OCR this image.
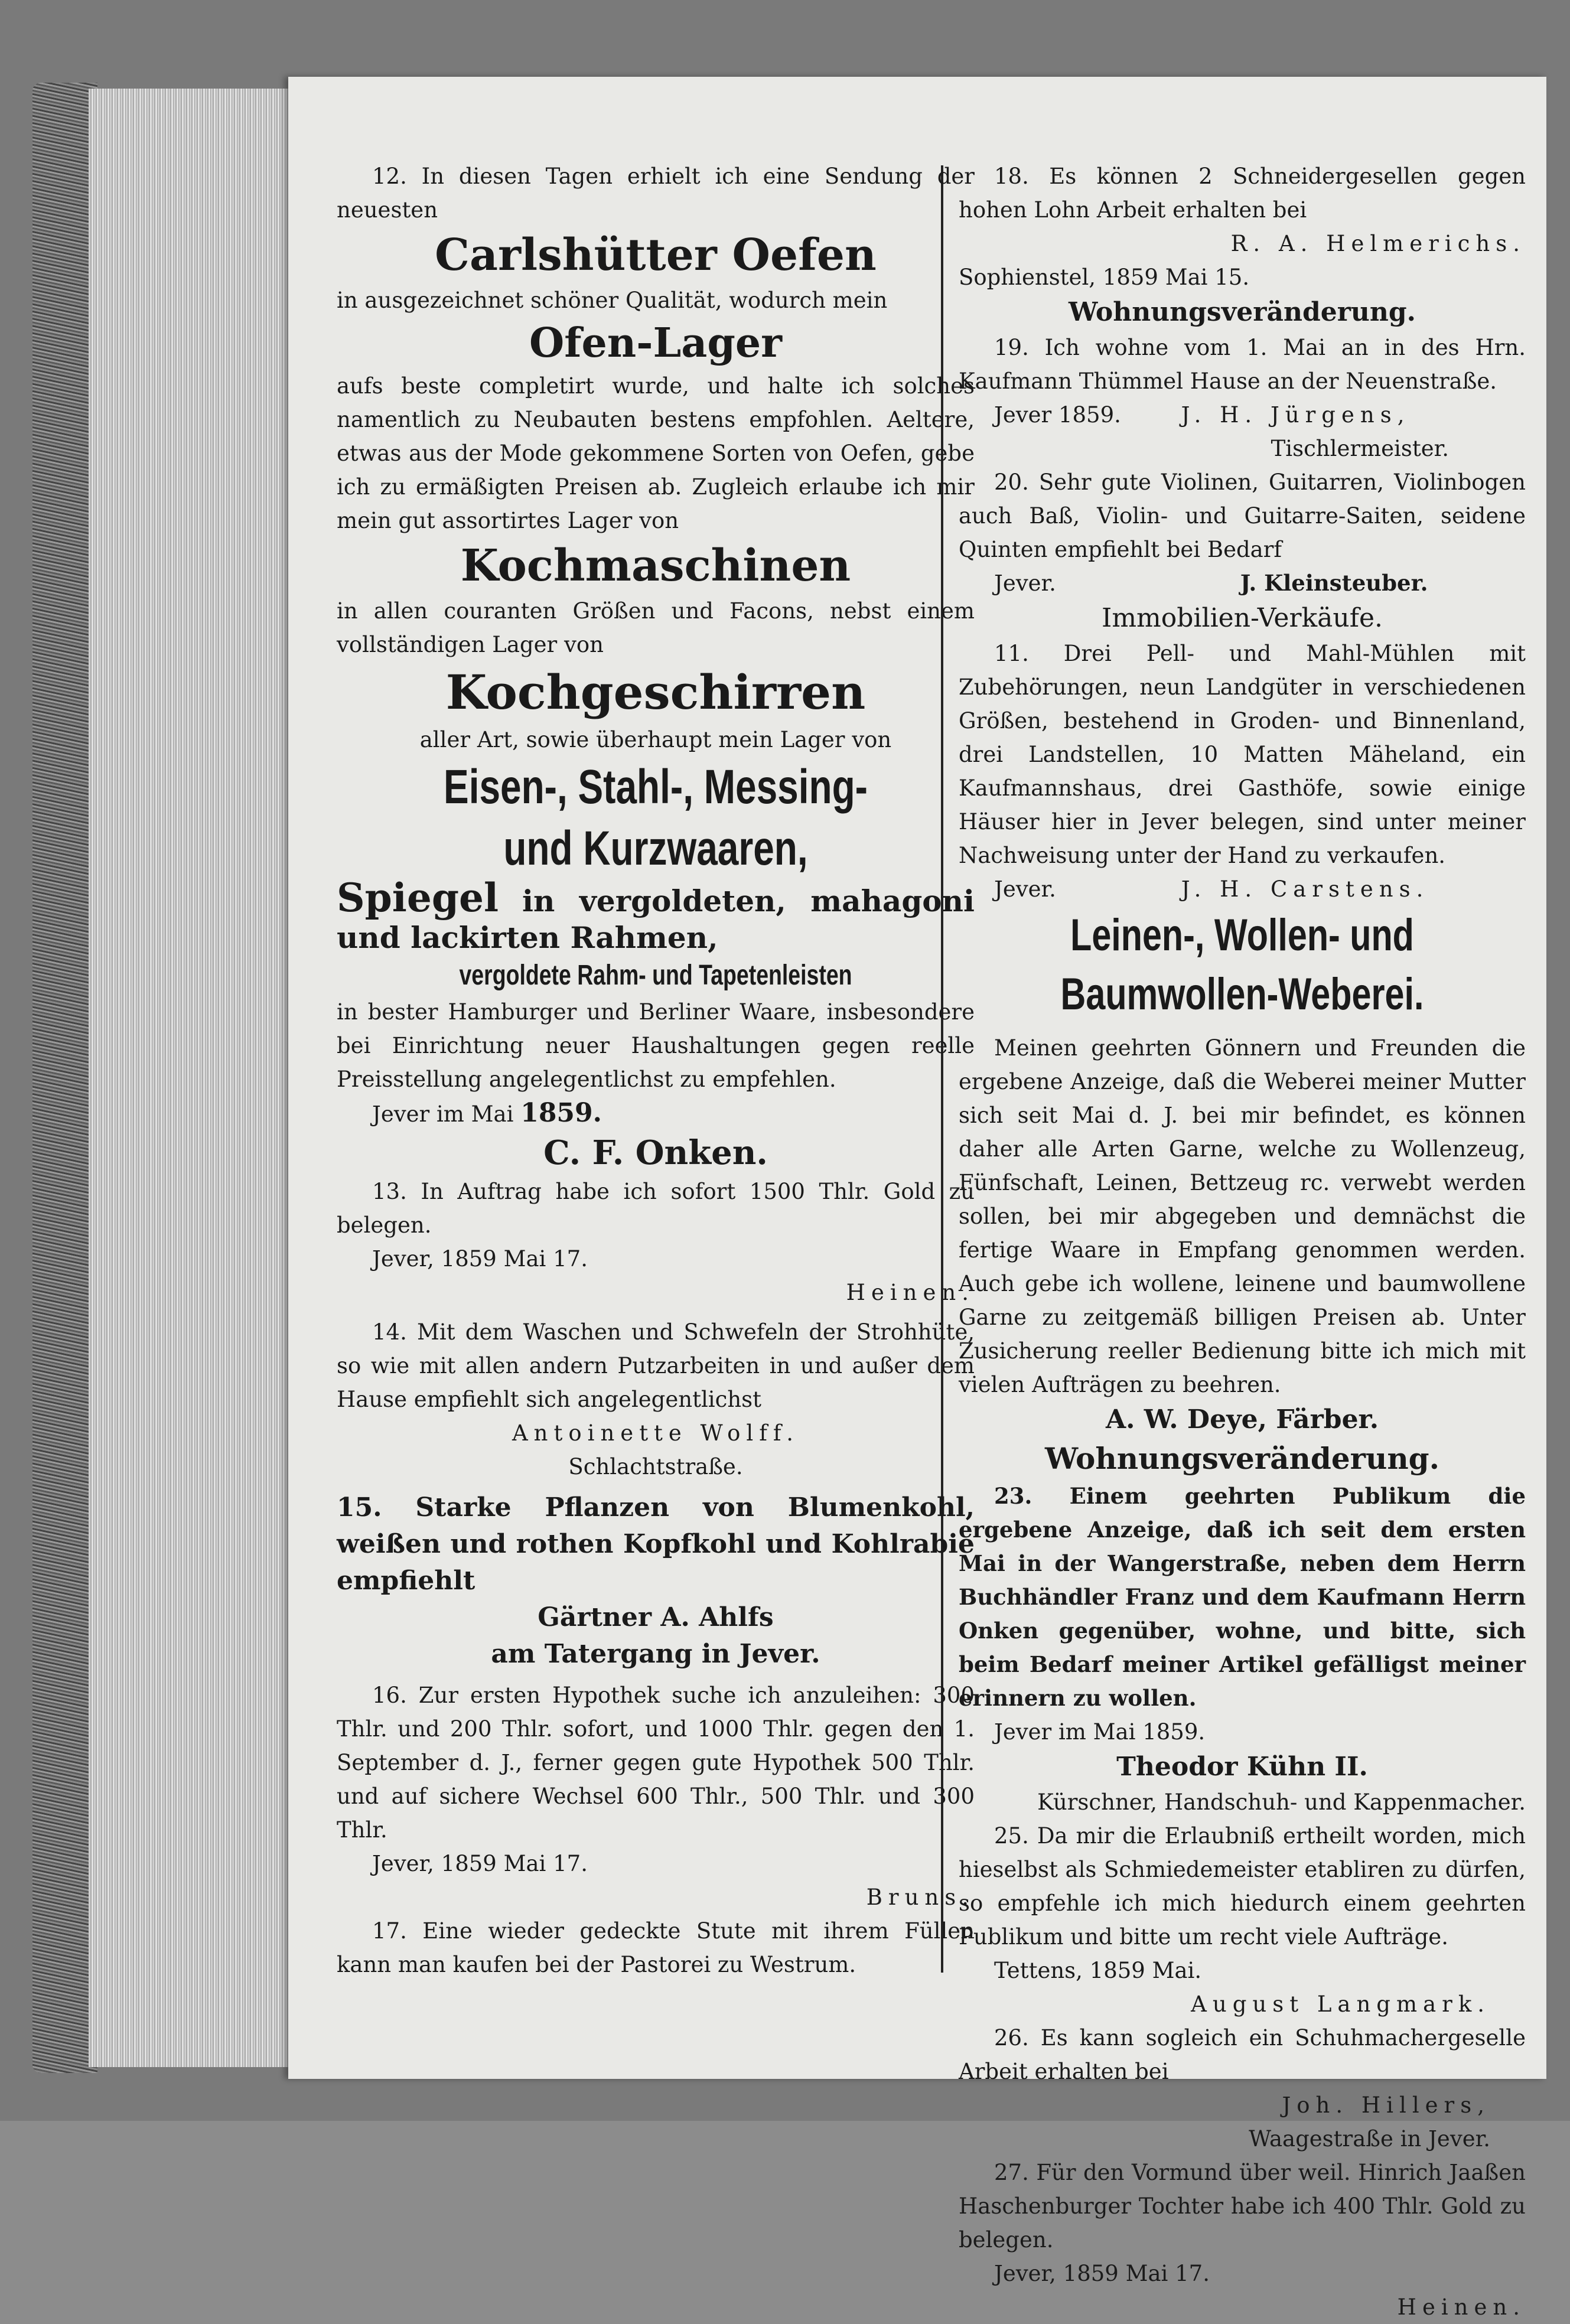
12. In diesen Tagen erhielt ich eine Sendung der neuesten

Carlshütter Oefen

in ausgezeichnet schöner Qualität, wodurch mein

Ofen-Lager

aufs beste completirt wurde, und halte ich solches namentlich zu Neubauten bestens empfohlen. Aeltere, etwas aus der Mode gekommene Sorten von Oefen, gebe ich zu ermäßigten Preisen ab. Zugleich erlaube ich mir mein gut assortirtes Lager von

Kochmaschinen

in allen couranten Größen und Facons, nebst einem vollständigen Lager von

Kochgeschirren

aller Art, sowie überhaupt mein Lager von

Eisen-, Stahl-, Messing- und Kurzwaaren,

Spiegel in vergoldeten, mahagoni und lackirten Rahmen,

vergoldete Rahm- und Tapetenleisten

in bester Hamburger und Berliner Waare, insbesondere bei Einrichtung neuer Haushaltungen gegen reelle Preisstellung angelegentlichst zu empfehlen.

Jever im Mai 1859.

C. F. Onken.

13. In Auftrag habe ich sofort 1500 Thlr. Gold zu belegen.

Jever, 1859 Mai 17.

Heinen.

14. Mit dem Waschen und Schwefeln der Strohhüte, so wie mit allen andern Putzarbeiten in und außer dem Hause empfiehlt sich angelegentlichst

Antoinette Wolff.

Schlachtstraße.

15. Starke Pflanzen von Blumenkohl, weißen und rothen Kopfkohl und Kohlrabie empfiehlt

Gärtner A. Ahlfs

am Tatergang in Jever.

16. Zur ersten Hypothek suche ich anzuleihen: 300 Thlr. und 200 Thlr. sofort, und 1000 Thlr. gegen den 1. September d. J., ferner gegen gute Hypothek 500 Thlr. und auf sichere Wechsel 600 Thlr., 500 Thlr. und 300 Thlr.

Jever, 1859 Mai 17.

Bruns.

17. Eine wieder gedeckte Stute mit ihrem Füllen kann man kaufen bei der Pastorei zu Westrum.

18. Es können 2 Schneidergesellen gegen hohen Lohn Arbeit erhalten bei

R. A. Helmerichs.

Sophienstel, 1859 Mai 15.

Wohnungsveränderung.

19. Ich wohne vom 1. Mai an in des Hrn. Kaufmann Thümmel Hause an der Neuenstraße.

Jever 1859.	J. H. Jürgens,

Tischlermeister.

20. Sehr gute Violinen, Guitarren, Violinbogen auch Baß, Violin- und Guitarre-Saiten, seidene Quinten empfiehlt bei Bedarf

Jever.	J. Kleinsteuber.

Immobilien-Verkäufe.

11. Drei Pell- und Mahl-Mühlen mit Zubehörungen, neun Landgüter in verschiedenen Größen, bestehend in Groden- und Binnenland, drei Landstellen, 10 Matten Mäheland, ein Kaufmannshaus, drei Gasthöfe, sowie einige Häuser hier in Jever belegen, sind unter meiner Nachweisung unter der Hand zu verkaufen.

Jever.	J. H. Carstens.

Leinen-, Wollen- und Baumwollen-Weberei.

Meinen geehrten Gönnern und Freunden die ergebene Anzeige, daß die Weberei meiner Mutter sich seit Mai d. J. bei mir befindet, es können daher alle Arten Garne, welche zu Wollenzeug, Fünfschaft, Leinen, Bettzeug rc. verwebt werden sollen, bei mir abgegeben und demnächst die fertige Waare in Empfang genommen werden. Auch gebe ich wollene, leinene und baumwollene Garne zu zeitgemäß billigen Preisen ab. Unter Zusicherung reeller Bedienung bitte ich mich mit vielen Aufträgen zu beehren.

A. W. Deye, Färber.

Wohnungsveränderung.

23. Einem geehrten Publikum die ergebene Anzeige, daß ich seit dem ersten Mai in der Wangerstraße, neben dem Herrn Buchhändler Franz und dem Kaufmann Herrn Onken gegenüber, wohne, und bitte, sich beim Bedarf meiner Artikel gefälligst meiner erinnern zu wollen.

Jever im Mai 1859.

Theodor Kühn II.

Kürschner, Handschuh- und Kappenmacher.

25. Da mir die Erlaubniß ertheilt worden, mich hieselbst als Schmiedemeister etabliren zu dürfen, so empfehle ich mich hiedurch einem geehrten Publikum und bitte um recht viele Aufträge.

Tettens, 1859 Mai.

August Langmark.

26. Es kann sogleich ein Schuhmachergeselle Arbeit erhalten bei

Joh. Hillers,

Waagestraße in Jever.

27. Für den Vormund über weil. Hinrich Jaaßen Haschenburger Tochter habe ich 400 Thlr. Gold zu belegen.

Jever, 1859 Mai 17.

Heinen.
